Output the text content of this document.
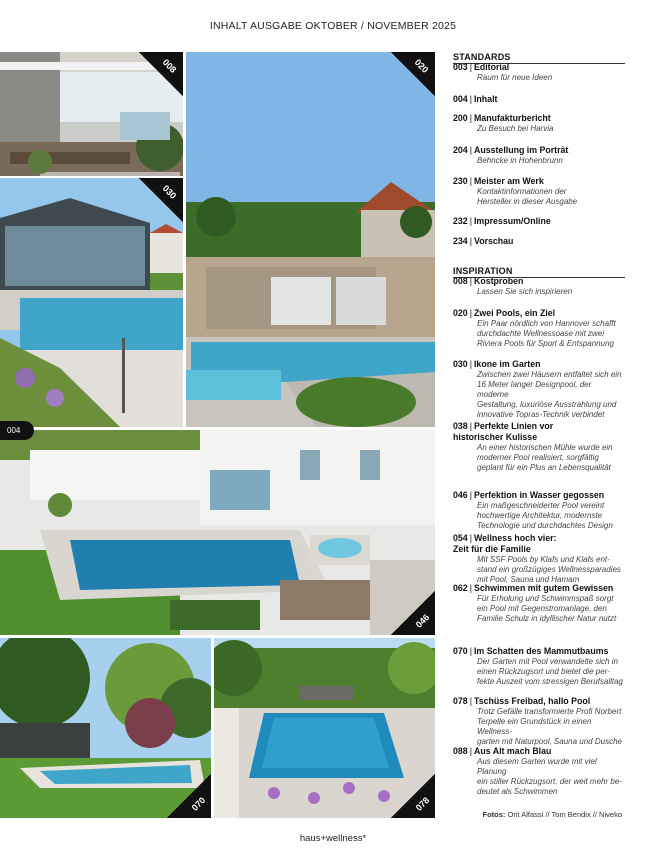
INHALT AUSGABE OKTOBER / NOVEMBER 2025
008	020
030
046
070	078
004
STANDARDS
003 | Editorial
Raum für neue Ideen
004 | Inhalt
200 | Manufakturbericht
Zu Besuch bei Harvia
204 | Ausstellung im Porträt
Behncke in Hohenbrunn
230 | Meister am Werk
Kontaktinformationen der
Hersteller in dieser Ausgabe
232 | Impressum/Online
234 | Vorschau
INSPIRATION
008 | Kostproben
Lassen Sie sich inspirieren
020 | Zwei Pools, ein Ziel
Ein Paar nördlich von Hannover schafft
durchdachte Wellnessoase mit zwei
Riviera Pools für Sport & Entspannung
030 | Ikone im Garten
Zwischen zwei Häusern entfaltet sich ein
16 Meter langer Designpool, der moderne
Gestaltung, luxuriöse Ausstrahlung und
innovative Topras-Technik verbindet
038 | Perfekte Linien vor
historischer Kulisse
An einer historischen Mühle wurde ein
moderner Pool realisiert, sorgfältig
geplant für ein Plus an Lebensqualität
046 | Perfektion in Wasser gegossen
Ein maßgeschneiderter Pool vereint
hochwertige Architektur, modernste
Technologie und durchdachtes Design
054 | Wellness hoch vier:
Zeit für die Familie
Mit SSF Pools by Klafs und Klafs ent-
stand ein großzügiges Wellnessparadies
mit Pool, Sauna und Hamam
062 | Schwimmen mit gutem Gewissen
Für Erholung und Schwimmspaß sorgt
ein Pool mit Gegenstromanlage, den
Familie Schulz in idyllischer Natur nutzt
070 | Im Schatten des Mammutbaums
Der Garten mit Pool verwandelte sich in
einen Rückzugsort und bietet die per-
fekte Auszeit vom stressigen Berufsalltag
078 | Tschüss Freibad, hallo Pool
Trotz Gefälle transformierte Profi Norbert
Terpelle ein Grundstück in einen Wellness-
garten mit Naturpool, Sauna und Dusche
088 | Aus Alt mach Blau
Aus diesem Garten wurde mit viel Planung
ein stiller Rückzugsort, der weit mehr be-
deutet als Schwimmen
Fotos: Orit Alfassi // Tom Bendix // Niveko
haus+wellness*
